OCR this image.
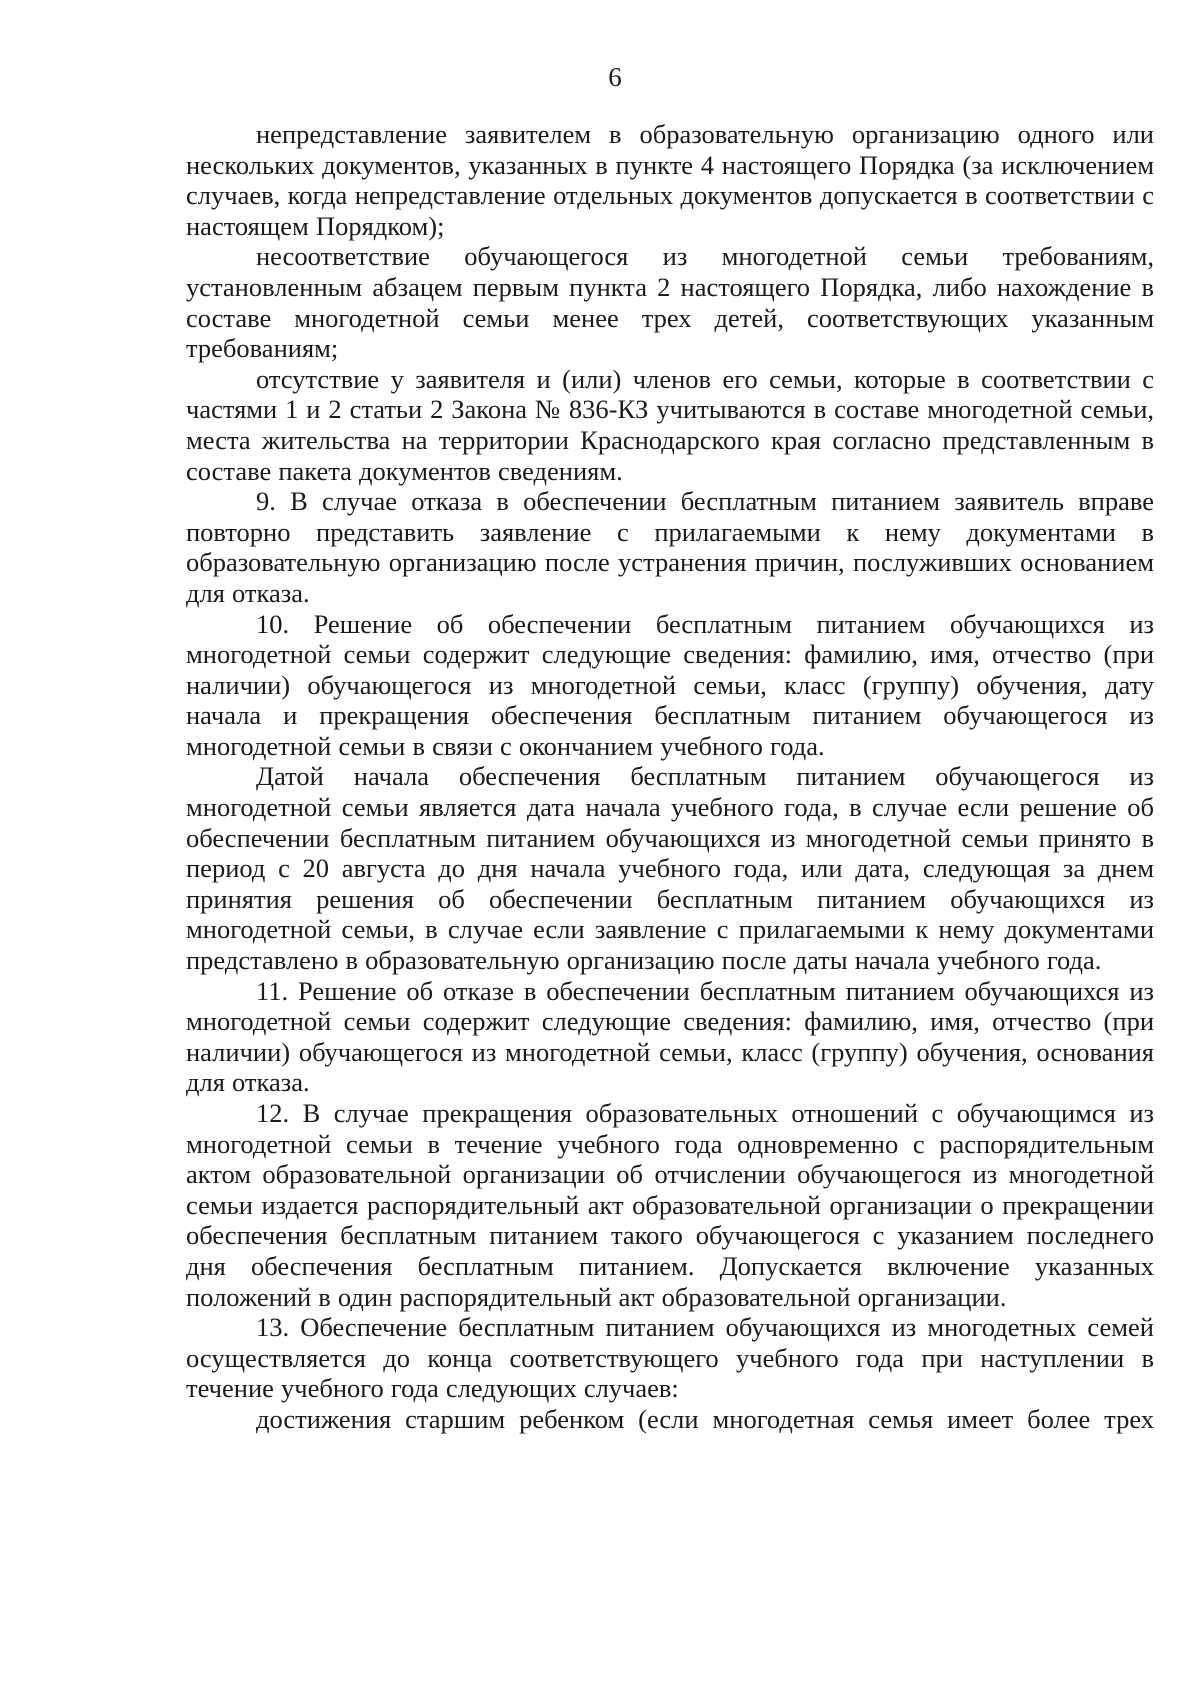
6

непредставление заявителем в образовательную организацию одного или нескольких документов, указанных в пункте 4 настоящего Порядка (за исключением случаев, когда непредставление отдельных документов допускается в соответствии с настоящем Порядком);

несоответствие обучающегося из многодетной семьи требованиям, установленным абзацем первым пункта 2 настоящего Порядка, либо нахождение в составе многодетной семьи менее трех детей, соответствующих указанным требованиям;

отсутствие у заявителя и (или) членов его семьи, которые в соответствии с частями 1 и 2 статьи 2 Закона № 836-КЗ учитываются в составе многодетной семьи, места жительства на территории Краснодарского края согласно представленным в составе пакета документов сведениям.

9. В случае отказа в обеспечении бесплатным питанием заявитель вправе повторно представить заявление с прилагаемыми к нему документами в образовательную организацию после устранения причин, послуживших основанием для отказа.

10. Решение об обеспечении бесплатным питанием обучающихся из многодетной семьи содержит следующие сведения: фамилию, имя, отчество (при наличии) обучающегося из многодетной семьи, класс (группу) обучения, дату начала и прекращения обеспечения бесплатным питанием обучающегося из многодетной семьи в связи с окончанием учебного года.

Датой начала обеспечения бесплатным питанием обучающегося из многодетной семьи является дата начала учебного года, в случае если решение об обеспечении бесплатным питанием обучающихся из многодетной семьи принято в период с 20 августа до дня начала учебного года, или дата, следующая за днем принятия решения об обеспечении бесплатным питанием обучающихся из многодетной семьи, в случае если заявление с прилагаемыми к нему документами представлено в образовательную организацию после даты начала учебного года.

11. Решение об отказе в обеспечении бесплатным питанием обучающихся из многодетной семьи содержит следующие сведения: фамилию, имя, отчество (при наличии) обучающегося из многодетной семьи, класс (группу) обучения, основания для отказа.

12. В случае прекращения образовательных отношений с обучающимся из многодетной семьи в течение учебного года одновременно с распорядительным актом образовательной организации об отчислении обучающегося из многодетной семьи издается распорядительный акт образовательной организации о прекращении обеспечения бесплатным питанием такого обучающегося с указанием последнего дня обеспечения бесплатным питанием. Допускается включение указанных положений в один распорядительный акт образовательной организации.

13. Обеспечение бесплатным питанием обучающихся из многодетных семей осуществляется до конца соответствующего учебного года при наступлении в течение учебного года следующих случаев:

достижения старшим ребенком (если многодетная семья имеет более трех
